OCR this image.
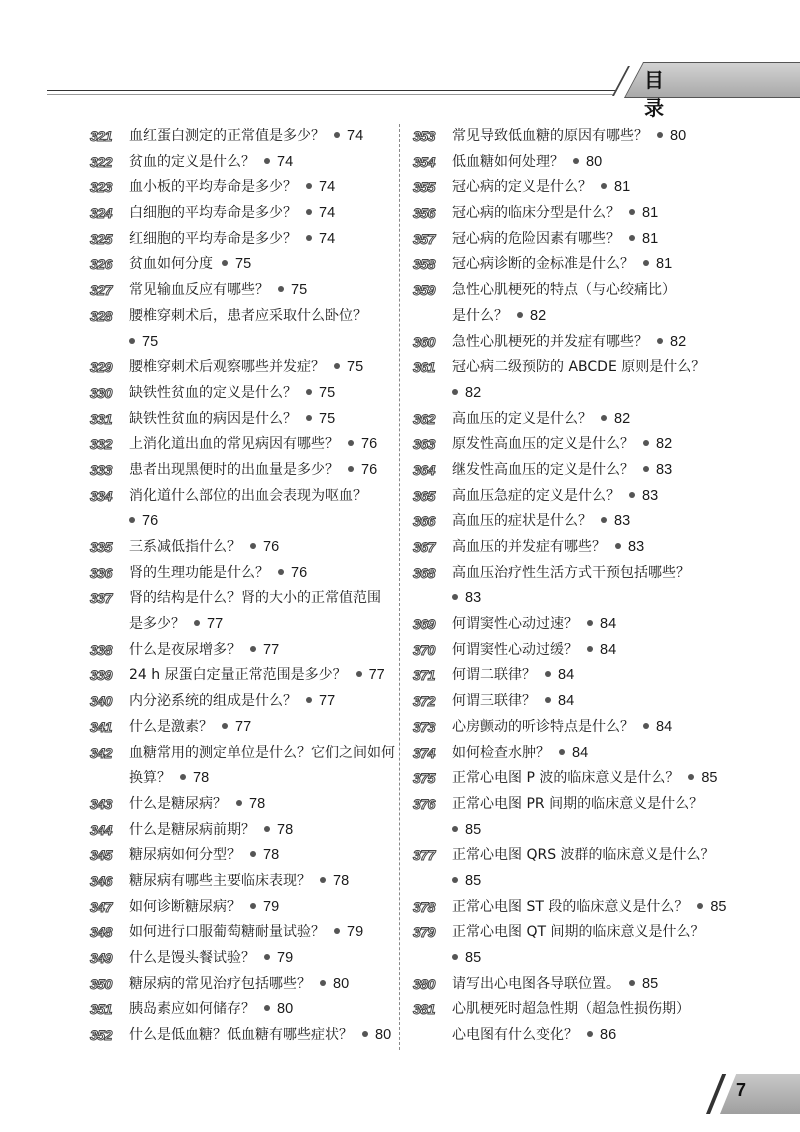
目 录
321	血红蛋白测定的正常值是多少？ 74
322	贫血的定义是什么？ 74
323	血小板的平均寿命是多少？ 74
324	白细胞的平均寿命是多少？ 74
325	红细胞的平均寿命是多少？ 74
326	贫血如何分度 75
327	常见输血反应有哪些？ 75
328	腰椎穿刺术后，患者应采取什么卧位？
75
329	腰椎穿刺术后观察哪些并发症？ 75
330	缺铁性贫血的定义是什么？ 75
331	缺铁性贫血的病因是什么？ 75
332	上消化道出血的常见病因有哪些？ 76
333	患者出现黑便时的出血量是多少？ 76
334	消化道什么部位的出血会表现为呕血？
76
335	三系减低指什么？ 76
336	肾的生理功能是什么？ 76
337	肾的结构是什么？肾的大小的正常值范围
是多少？ 77
338	什么是夜尿增多？ 77
339	24 h 尿蛋白定量正常范围是多少？ 77
340	内分泌系统的组成是什么？ 77
341	什么是激素？ 77
342	血糖常用的测定单位是什么？它们之间如何
换算？ 78
343	什么是糖尿病？ 78
344	什么是糖尿病前期？ 78
345	糖尿病如何分型？ 78
346	糖尿病有哪些主要临床表现？ 78
347	如何诊断糖尿病？ 79
348	如何进行口服葡萄糖耐量试验？ 79
349	什么是馒头餐试验？ 79
350	糖尿病的常见治疗包括哪些？ 80
351	胰岛素应如何储存？ 80
352	什么是低血糖？低血糖有哪些症状？ 80
353	常见导致低血糖的原因有哪些？ 80
354	低血糖如何处理？ 80
355	冠心病的定义是什么？ 81
356	冠心病的临床分型是什么？ 81
357	冠心病的危险因素有哪些？ 81
358	冠心病诊断的金标准是什么？ 81
359	急性心肌梗死的特点（与心绞痛比）
是什么？ 82
360	急性心肌梗死的并发症有哪些？ 82
361	冠心病二级预防的 ABCDE 原则是什么？
82
362	高血压的定义是什么？ 82
363	原发性高血压的定义是什么？ 82
364	继发性高血压的定义是什么？ 83
365	高血压急症的定义是什么？ 83
366	高血压的症状是什么？ 83
367	高血压的并发症有哪些？ 83
368	高血压治疗性生活方式干预包括哪些？
83
369	何谓窦性心动过速？ 84
370	何谓窦性心动过缓？ 84
371	何谓二联律？ 84
372	何谓三联律？ 84
373	心房颤动的听诊特点是什么？ 84
374	如何检查水肿？ 84
375	正常心电图 P 波的临床意义是什么？ 85
376	正常心电图 PR 间期的临床意义是什么？
85
377	正常心电图 QRS 波群的临床意义是什么？
85
378	正常心电图 ST 段的临床意义是什么？ 85
379	正常心电图 QT 间期的临床意义是什么？
85
380	请写出心电图各导联位置。 85
381	心肌梗死时超急性期（超急性损伤期）
心电图有什么变化？ 86
7
